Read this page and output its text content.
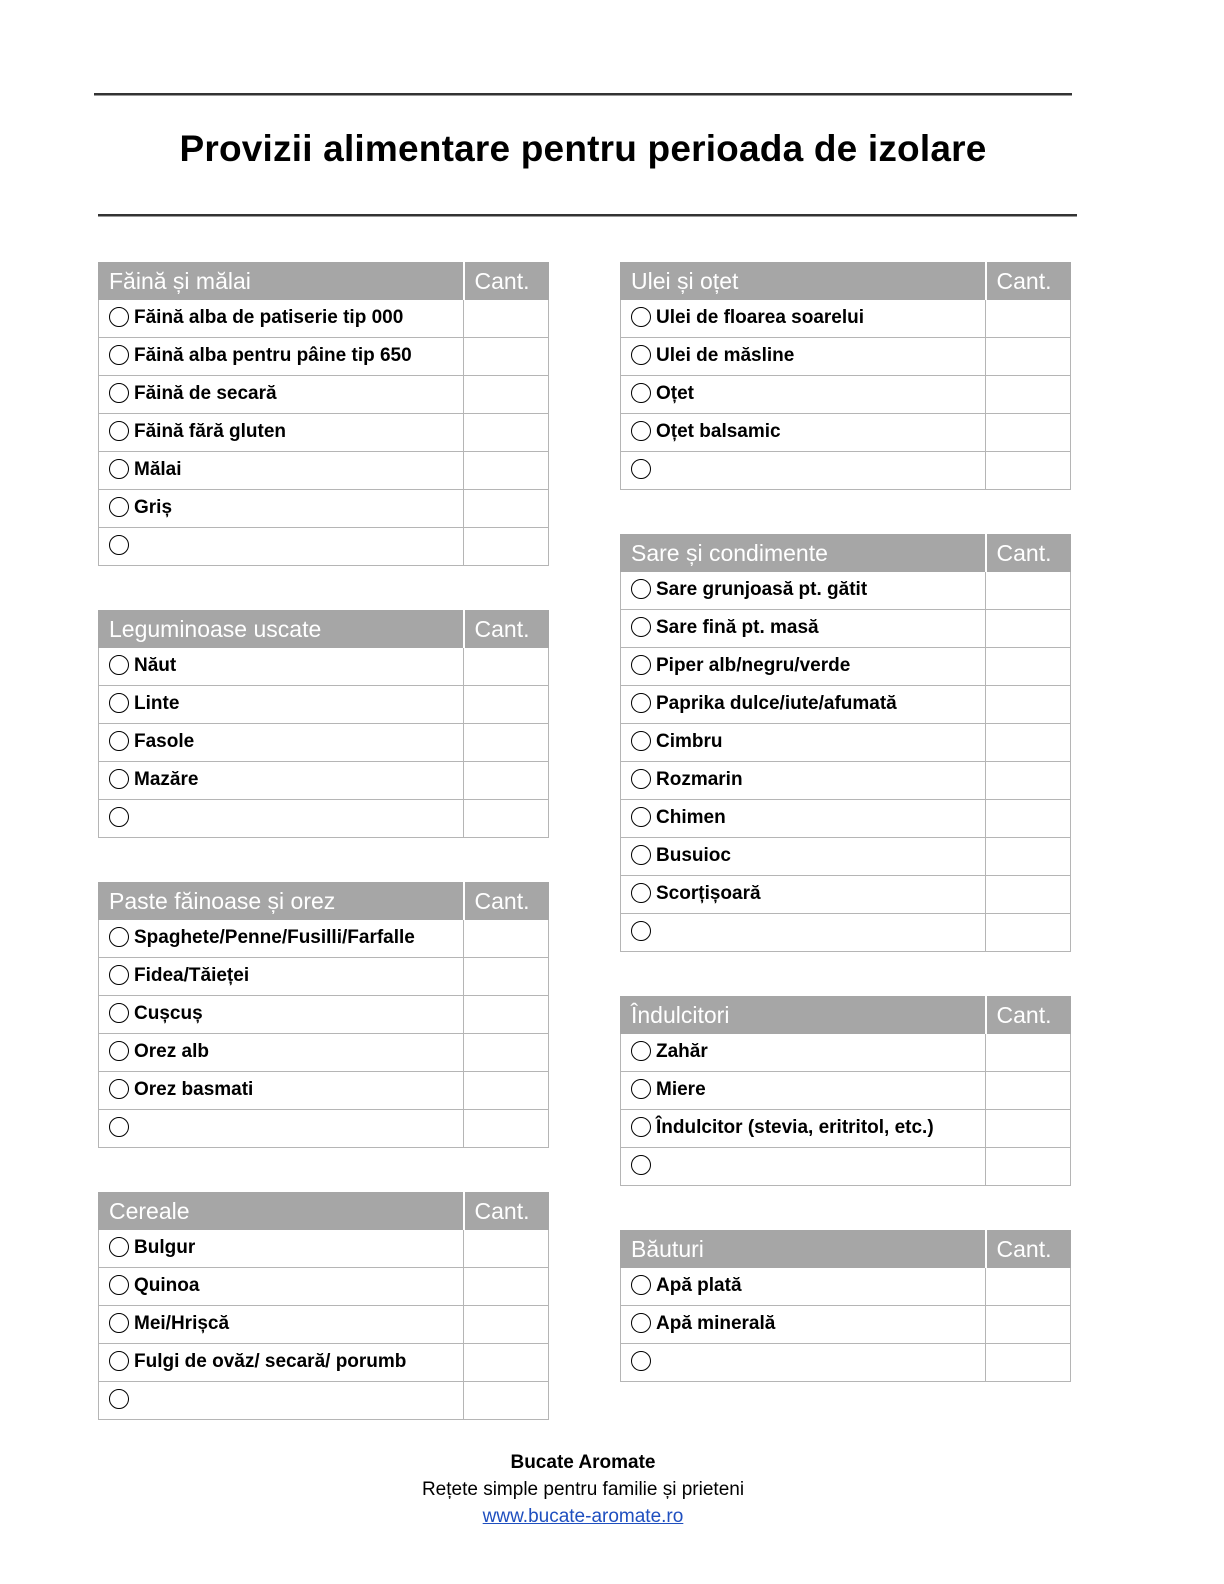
Provizii alimentare pentru perioada de izolare
Făină și mălai	Cant.
Făină alba de patiserie tip 000	
Făină alba pentru pâine tip 650	
Făină de secară	
Făină fără gluten	
Mălai	
Griș	

Leguminoase uscate	Cant.
Năut	
Linte	
Fasole	
Mazăre	

Paste făinoase și orez	Cant.
Spaghete/Penne/Fusilli/Farfalle	
Fidea/Tăieței	
Cușcuș	
Orez alb	
Orez basmati	

Cereale	Cant.
Bulgur	
Quinoa	
Mei/Hrișcă	
Fulgi de ovăz/ secară/ porumb	

Ulei și oțet	Cant.
Ulei de floarea soarelui	
Ulei de măsline	
Oțet	
Oțet balsamic	

Sare și condimente	Cant.
Sare grunjoasă pt. gătit	
Sare fină pt. masă	
Piper alb/negru/verde	
Paprika dulce/iute/afumată	
Cimbru	
Rozmarin	
Chimen	
Busuioc	
Scorțișoară	

Îndulcitori	Cant.
Zahăr	
Miere	
Îndulcitor (stevia, eritritol, etc.)	

Băuturi	Cant.
Apă plată	
Apă minerală	

Bucate Aromate
Rețete simple pentru familie și prieteni
www.bucate-aromate.ro
